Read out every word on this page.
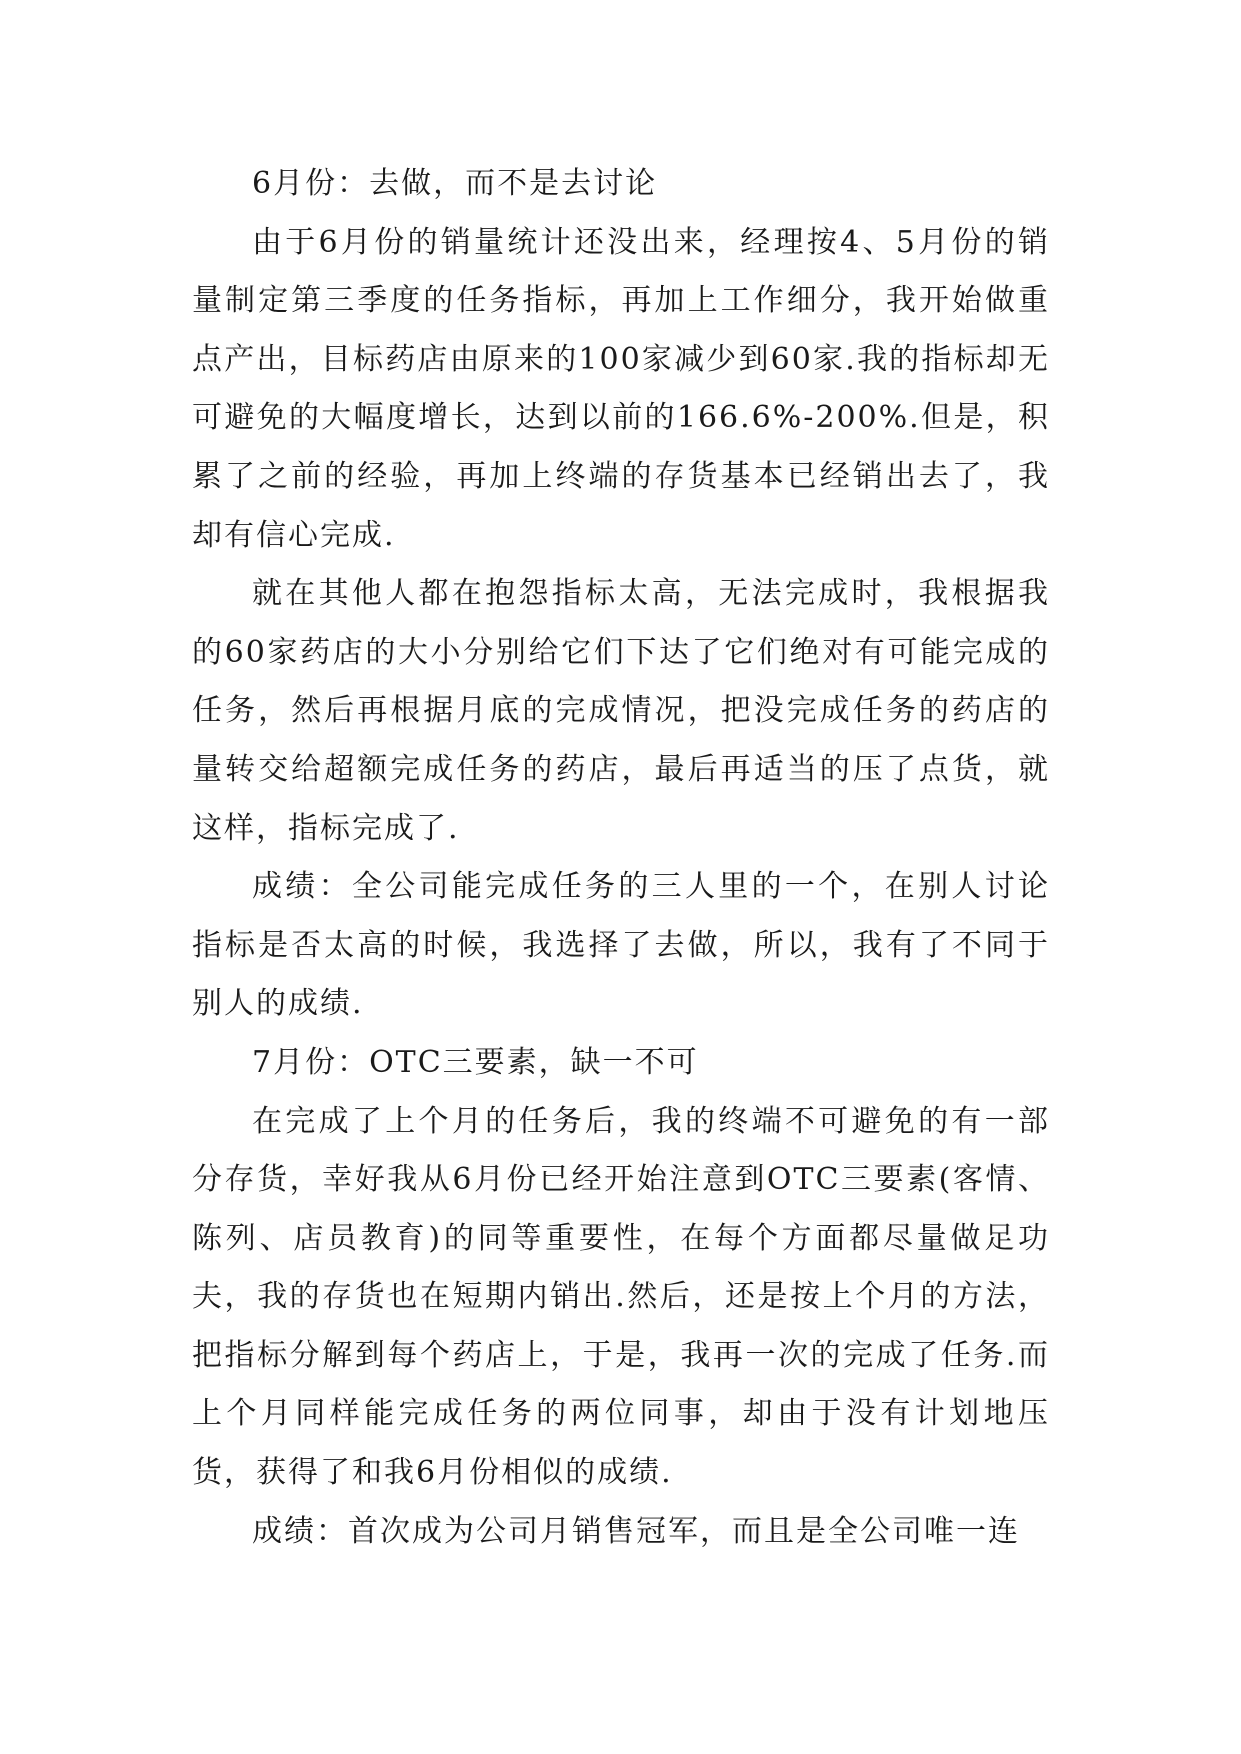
6月份：去做，而不是去讨论

由于6月份的销量统计还没出来，经理按4、5月份的销量制定第三季度的任务指标，再加上工作细分，我开始做重点产出，目标药店由原来的100家减少到60家.我的指标却无可避免的大幅度增长，达到以前的166.6%-200%.但是，积累了之前的经验，再加上终端的存货基本已经销出去了，我却有信心完成.

就在其他人都在抱怨指标太高，无法完成时，我根据我的60家药店的大小分别给它们下达了它们绝对有可能完成的任务，然后再根据月底的完成情况，把没完成任务的药店的量转交给超额完成任务的药店，最后再适当的压了点货，就这样，指标完成了.

成绩：全公司能完成任务的三人里的一个，在别人讨论指标是否太高的时候，我选择了去做，所以，我有了不同于别人的成绩.

7月份：OTC三要素，缺一不可

在完成了上个月的任务后，我的终端不可避免的有一部分存货，幸好我从6月份已经开始注意到OTC三要素(客情、陈列、店员教育)的同等重要性，在每个方面都尽量做足功夫，我的存货也在短期内销出.然后，还是按上个月的方法，把指标分解到每个药店上，于是，我再一次的完成了任务.而上个月同样能完成任务的两位同事，却由于没有计划地压货，获得了和我6月份相似的成绩.

成绩：首次成为公司月销售冠军，而且是全公司唯一连
